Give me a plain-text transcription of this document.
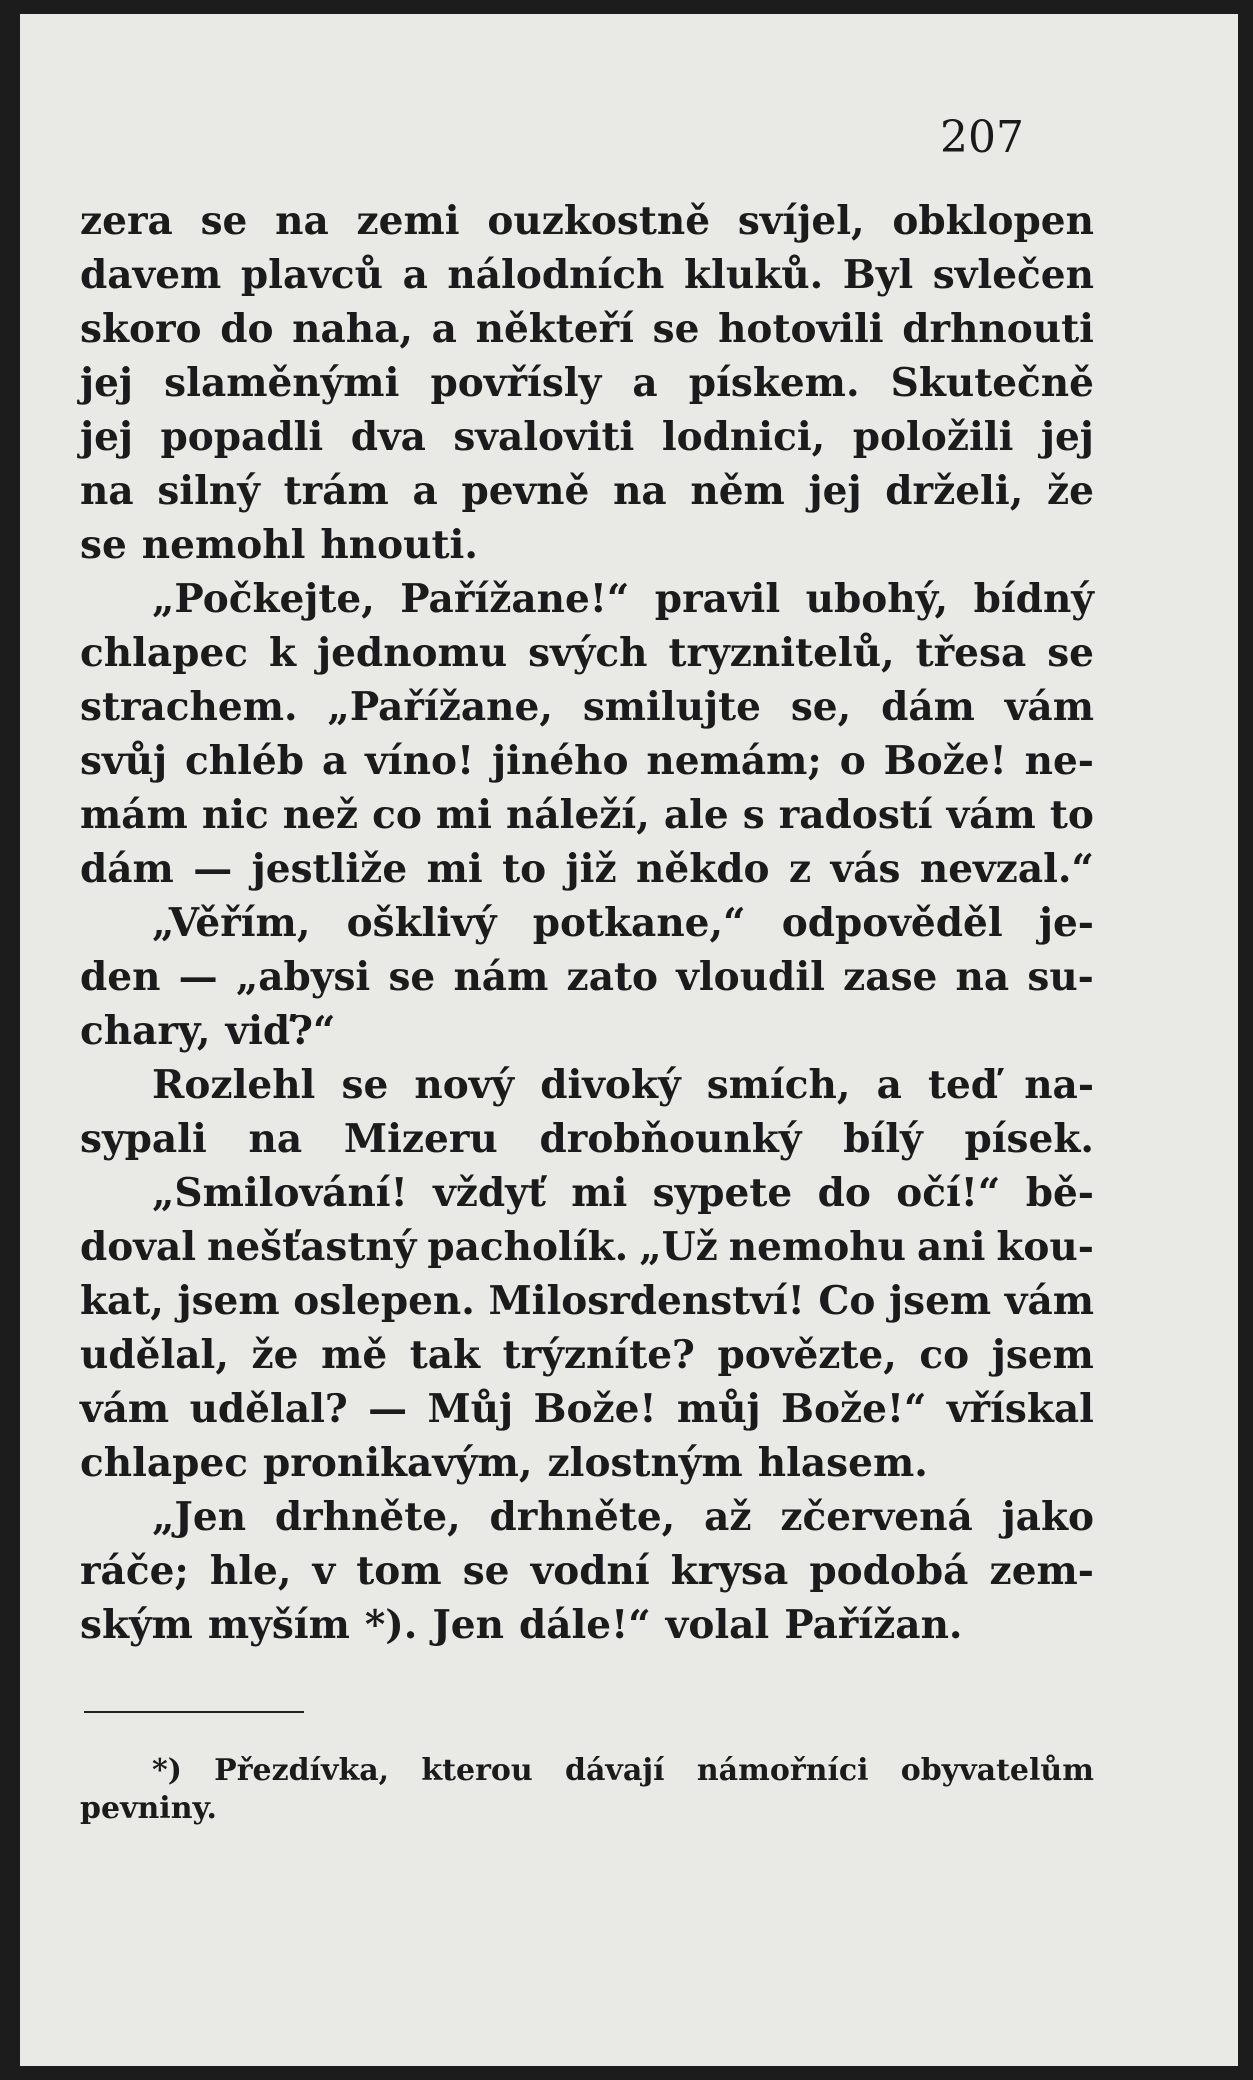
207
zera se na zemi ouzkostně svíjel, obklopen
davem plavců a nálodních kluků. Byl svlečen
skoro do naha, a někteří se hotovili drhnouti
jej slaměnými povřísly a pískem. Skutečně
jej popadli dva svaloviti lodnici, položili jej
na silný trám a pevně na něm jej drželi, že
se nemohl hnouti.
„Počkejte, Pařížane!“ pravil ubohý, bídný
chlapec k jednomu svých tryznitelů, třesa se
strachem. „Pařížane, smilujte se, dám vám
svůj chléb a víno! jiného nemám; o Bože! ne-
mám nic než co mi náleží, ale s radostí vám to
dám — jestliže mi to již někdo z vás nevzal.“
„Věřím, ošklivý potkane,“ odpověděl je-
den — „abysi se nám zato vloudil zase na su-
chary, viď?“
Rozlehl se nový divoký smích, a teď na-
sypali na Mizeru drobňounký bílý písek.
„Smilování! vždyť mi sypete do očí!“ bě-
doval nešťastný pacholík. „Už nemohu ani kou-
kat, jsem oslepen. Milosrdenství! Co jsem vám
udělal, že mě tak trýzníte? povězte, co jsem
vám udělal? — Můj Bože! můj Bože!“ vřískal
chlapec pronikavým, zlostným hlasem.
„Jen drhněte, drhněte, až zčervená jako
ráče; hle, v tom se vodní krysa podobá zem-
ským myším *). Jen dále!“ volal Pařížan.
*) Přezdívka, kterou dávají námořníci obyvatelům
pevniny.
